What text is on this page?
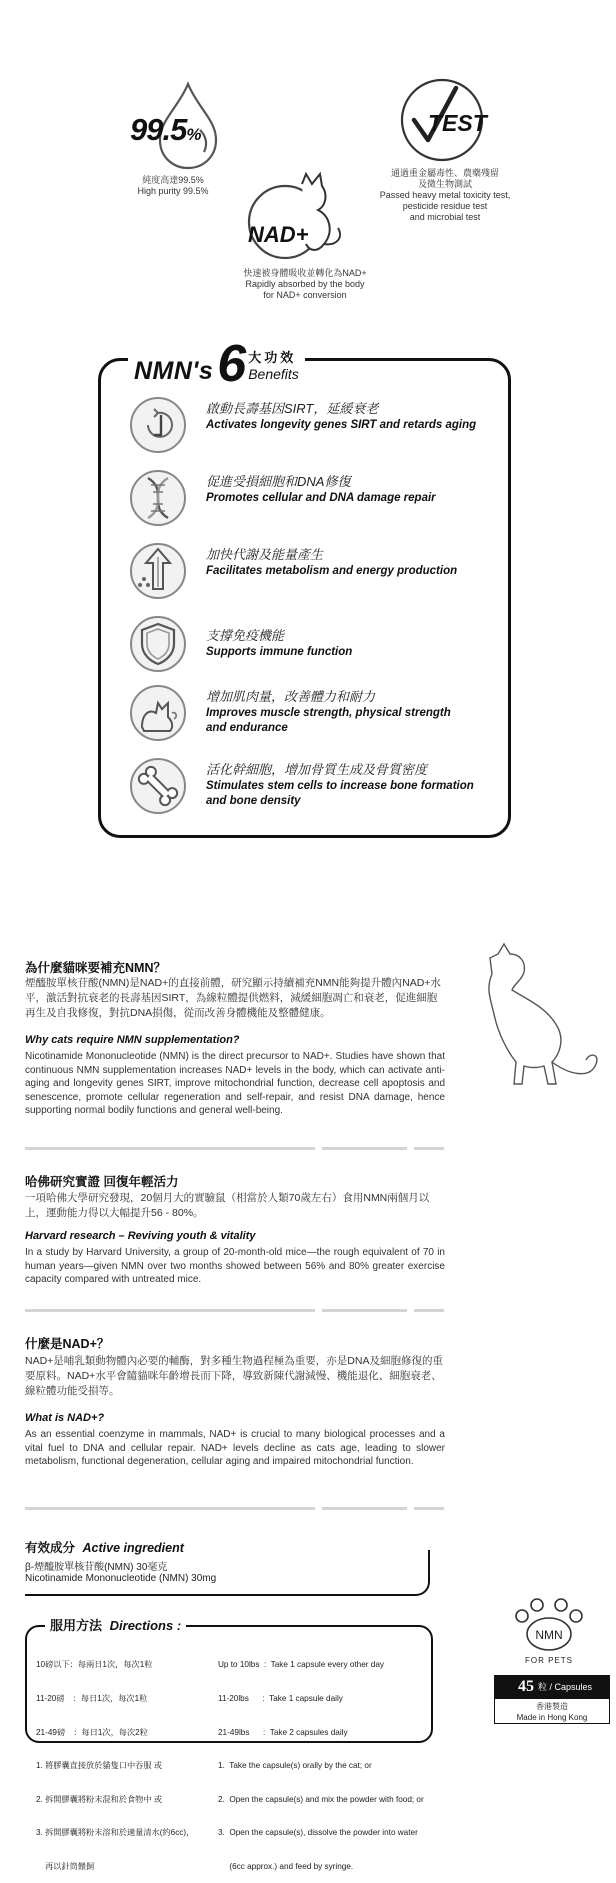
99.5%
純度高達99.5%
High purity 99.5%
TEST
通過重金屬毒性、農藥殘留
及微生物測試
Passed heavy metal toxicity test,
pesticide residue test
and microbial test
NAD+
快速被身體吸收並轉化為NAD+
Rapidly absorbed by the body
for NAD+ conversion
NMN's 6 大功效
Benefits
啟動長壽基因SIRT，延緩衰老
Activates longevity genes SIRT and retards aging
促進受損細胞和DNA修復
Promotes cellular and DNA damage repair
加快代謝及能量產生
Facilitates metabolism and energy production
支撐免疫機能
Supports immune function
增加肌肉量，改善體力和耐力
Improves muscle strength, physical strength
and endurance
活化幹細胞，增加骨質生成及骨質密度
Stimulates stem cells to increase bone formation
and bone density
為什麼貓咪要補充NMN？
煙醯胺單核苷酸(NMN)是NAD+的直接前體，研究顯示持續補充NMN能夠提升體內NAD+水平，激活對抗衰老的長壽基因SIRT，為線粒體提供燃料，減緩細胞凋亡和衰老，促進細胞再生及自我修復，對抗DNA損傷，從而改善身體機能及整體健康。
Why cats require NMN supplementation?
Nicotinamide Mononucleotide (NMN) is the direct precursor to NAD+. Studies have shown that continuous NMN supplementation increases NAD+ levels in the body, which can activate anti-aging and longevity genes SIRT, improve mitochondrial function, decrease cell apoptosis and senescence, promote cellular regeneration and self-repair, and resist DNA damage, hence supporting normal bodily functions and general well-being.
哈佛研究實證 回復年輕活力
一項哈佛大學研究發現，20個月大的實驗鼠（相當於人類70歲左右）食用NMN兩個月以上，運動能力得以大幅提升56 - 80%。
Harvard research – Reviving youth & vitality
In a study by Harvard University, a group of 20-month-old mice—the rough equivalent of 70 in human years—given NMN over two months showed between 56% and 80% greater exercise capacity compared with untreated mice.
什麼是NAD+？
NAD+是哺乳類動物體內必要的輔酶，對多種生物過程極為重要，亦是DNA及細胞修復的重要原料。NAD+水平會隨貓咪年齡增長而下降，導致新陳代謝減慢、機能退化、細胞衰老、線粒體功能受損等。
What is NAD+?
As an essential coenzyme in mammals, NAD+ is crucial to many biological processes and a vital fuel to DNA and cellular repair. NAD+ levels decline as cats age, leading to slower metabolism, functional degeneration, cellular aging and impaired mitochondrial function.
有效成分 Active ingredient
β-煙醯胺單核苷酸(NMN) 30毫克
Nicotinamide Mononucleotide (NMN) 30mg
服用方法 Directions :

10磅以下：每兩日1次，每次1粒

11-20磅　：每日1次，每次1粒

21-49磅　：每日1次，每次2粒

1. 將膠囊直接放於貓隻口中吞服 或

2. 拆開膠囊將粉末混和於食物中 或

3. 拆開膠囊將粉末溶和於適量清水(約6cc)，

再以針筒餵飼

Up to 10lbs  :  Take 1 capsule every other day

11-20lbs      :  Take 1 capsule daily

21-49lbs      :  Take 2 capsules daily

1.  Take the capsule(s) orally by the cat; or

2.  Open the capsule(s) and mix the powder with food; or

3.  Open the capsule(s), dissolve the powder into water

(6cc approx.) and feed by syringe.

NMN
FOR PETS
45 粒 / Capsules
香港製造
Made in Hong Kong
